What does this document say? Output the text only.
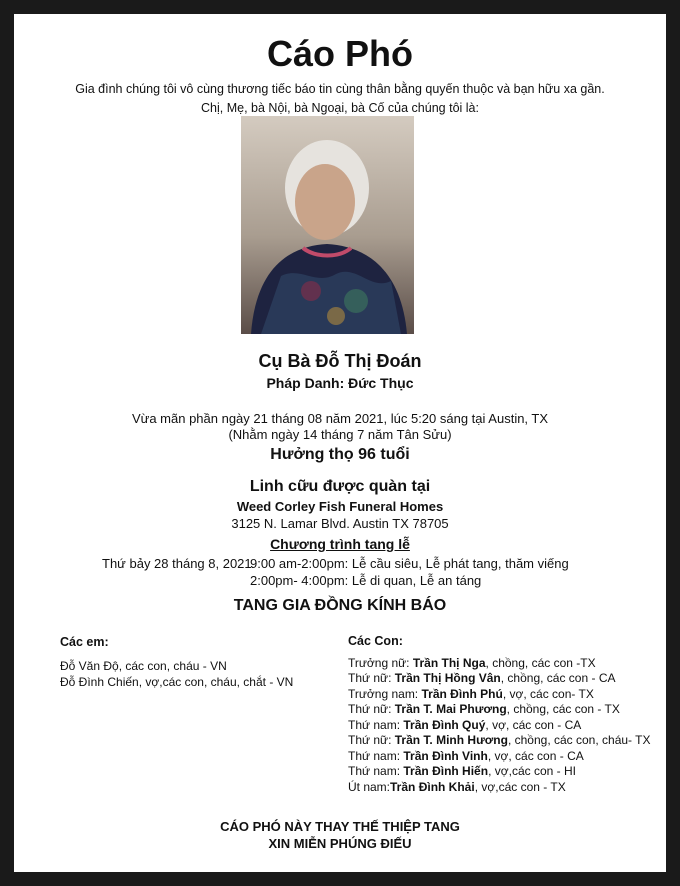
Cáo Phó
Gia đình chúng tôi vô cùng thương tiếc báo tin cùng thân bằng quyến thuộc và bạn hữu xa gần. Chị, Mẹ, bà Nội, bà Ngoại, bà Cố của chúng tôi là:
Cụ Bà Đỗ Thị Đoán
Pháp Danh: Đức Thục
Vừa mãn phần ngày 21 tháng 08 năm 2021, lúc 5:20 sáng tại Austin, TX
(Nhằm ngày 14 tháng 7 năm Tân Sửu)
Hưởng thọ 96 tuổi
Linh cữu được quàn tại
Weed Corley Fish Funeral Homes
3125 N. Lamar Blvd. Austin TX 78705
Chương trình tang lễ
Thứ bảy 28 tháng 8, 20219:00 am-2:00pm: Lễ cầu siêu, Lễ phát tang, thăm viếng
2:00pm- 4:00pm: Lễ di quan, Lễ an táng
TANG GIA ĐỒNG KÍNH BÁO
Các em:
Đỗ Văn Độ, các con, cháu - VN
Đỗ Đình Chiến, vợ,các con, cháu, chắt - VN
Các Con:
Trưởng nữ: Trần Thị Nga, chồng, các con -TX
Thứ nữ: Trần Thị Hồng Vân, chồng, các con - CA
Trưởng nam: Trần Đình Phú, vợ, các con- TX
Thứ nữ: Trần T. Mai Phương, chồng, các con - TX
Thứ nam: Trần Đình Quý, vợ, các con - CA
Thứ nữ: Trần T. Minh Hương, chồng, các con, cháu- TX
Thứ nam: Trần Đình Vinh, vợ, các con - CA
Thứ nam: Trần Đình Hiến, vợ,các con - HI
Út nam:Trần Đình Khải, vợ,các con - TX
CÁO PHÓ NÀY THAY THẾ THIỆP TANG
XIN MIỄN PHÚNG ĐIẾU
